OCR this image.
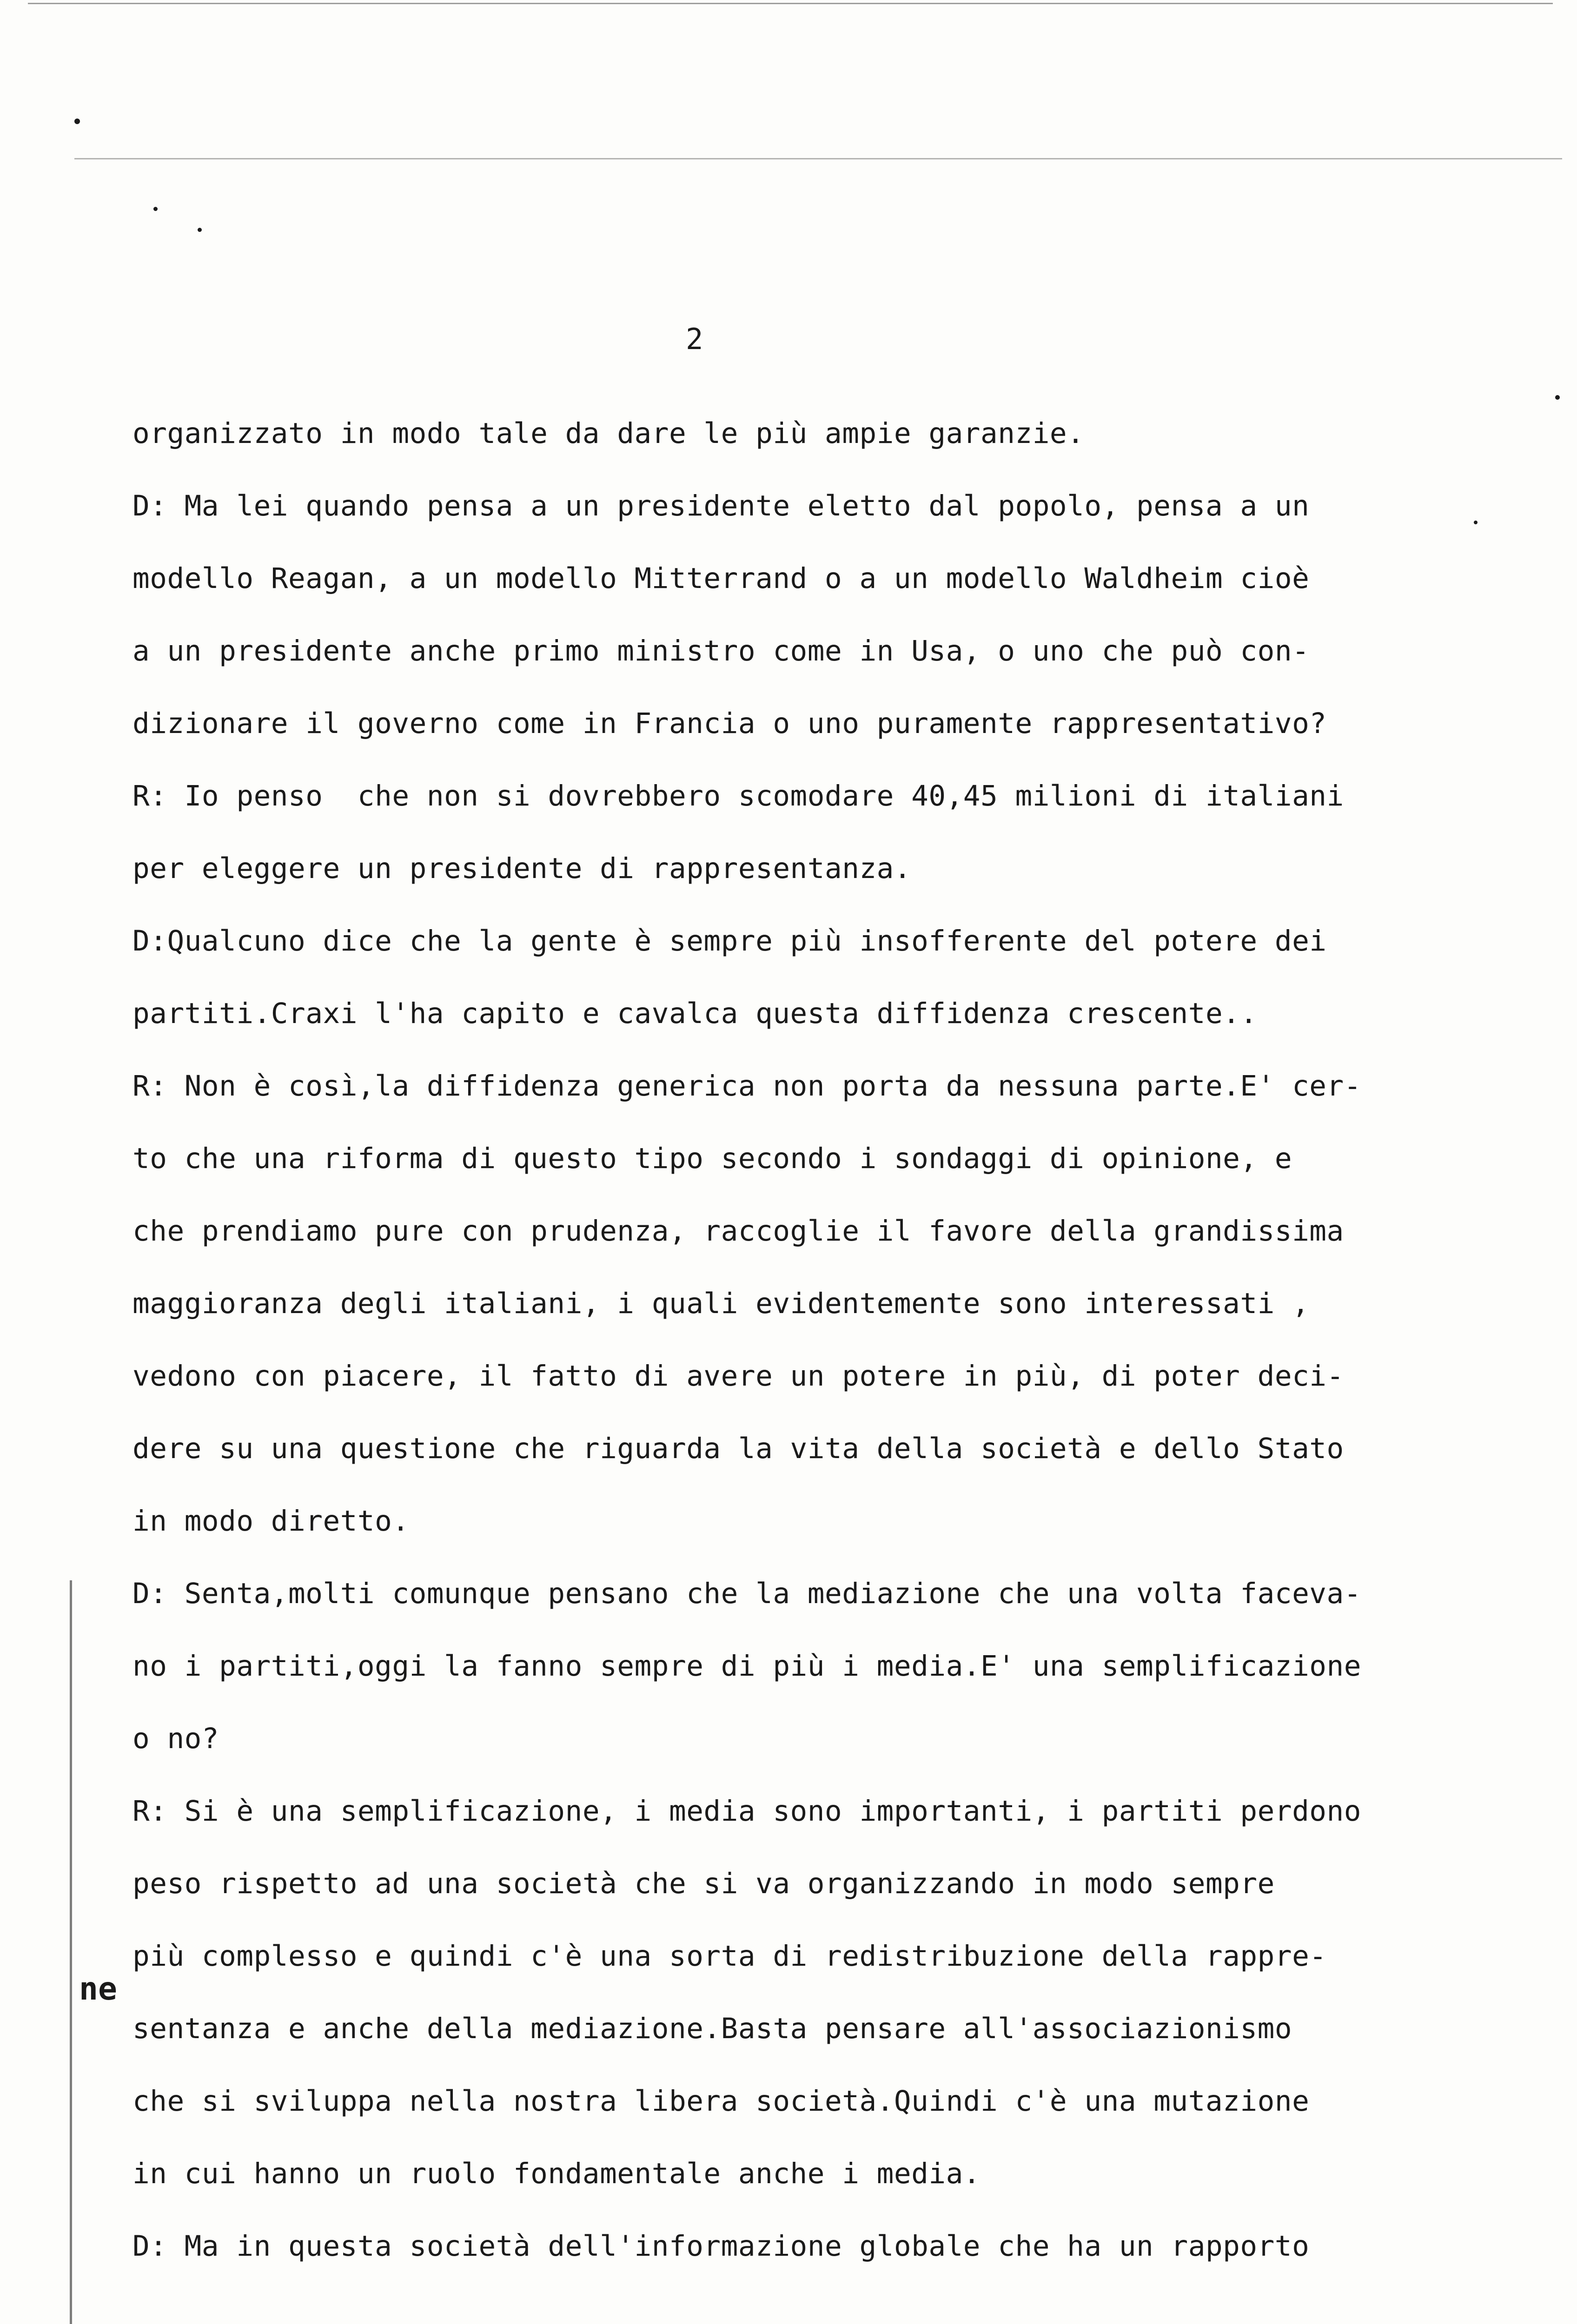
2
ne
organizzato in modo tale da dare le più ampie garanzie.
D: Ma lei quando pensa a un presidente eletto dal popolo, pensa a un
modello Reagan, a un modello Mitterrand o a un modello Waldheim cioè
a un presidente anche primo ministro come in Usa, o uno che può con-
dizionare il governo come in Francia o uno puramente rappresentativo?
R: Io penso  che non si dovrebbero scomodare 40,45 milioni di italiani
per eleggere un presidente di rappresentanza.
D:Qualcuno dice che la gente è sempre più insofferente del potere dei
partiti.Craxi l'ha capito e cavalca questa diffidenza crescente..
R: Non è così,la diffidenza generica non porta da nessuna parte.E' cer-
to che una riforma di questo tipo secondo i sondaggi di opinione, e
che prendiamo pure con prudenza, raccoglie il favore della grandissima
maggioranza degli italiani, i quali evidentemente sono interessati ,
vedono con piacere, il fatto di avere un potere in più, di poter deci-
dere su una questione che riguarda la vita della società e dello Stato
in modo diretto.
D: Senta,molti comunque pensano che la mediazione che una volta faceva-
no i partiti,oggi la fanno sempre di più i media.E' una semplificazione
o no?
R: Si è una semplificazione, i media sono importanti, i partiti perdono
peso rispetto ad una società che si va organizzando in modo sempre
più complesso e quindi c'è una sorta di redistribuzione della rappre-
sentanza e anche della mediazione.Basta pensare all'associazionismo
che si sviluppa nella nostra libera società.Quindi c'è una mutazione
in cui hanno un ruolo fondamentale anche i media.
D: Ma in questa società dell'informazione globale che ha un rapporto
